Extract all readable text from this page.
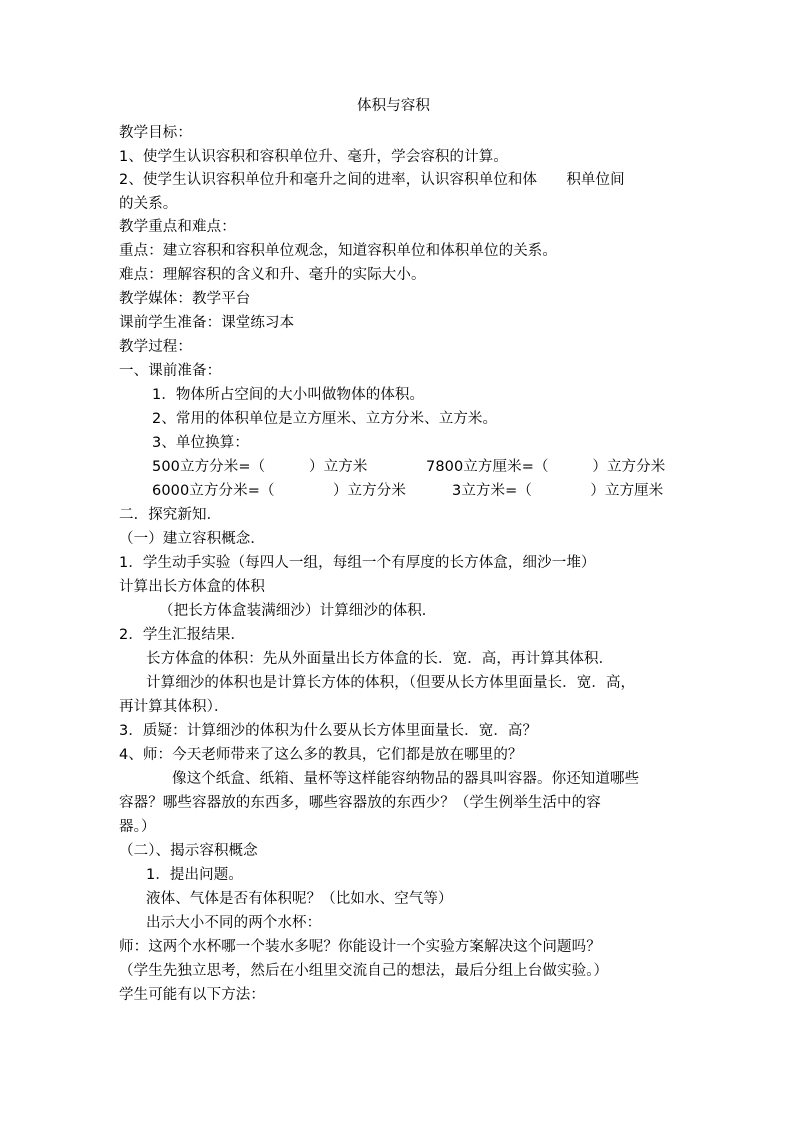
体积与容积
教学目标：
1、使学生认识容积和容积单位升、毫升，学会容积的计算。
2、使学生认识容积单位升和毫升之间的进率，认识容积单位和体　　积单位间
的关系。
教学重点和难点：
重点：建立容积和容积单位观念，知道容积单位和体积单位的关系。
难点：理解容积的含义和升、毫升的实际大小。
教学媒体：教学平台
课前学生准备：课堂练习本
教学过程：
一、课前准备：
1．物体所占空间的大小叫做物体的体积。
2、常用的体积单位是立方厘米、立方分米、立方米。
3、单位换算：
500立方分米=（　　　）立方米	7800立方厘米=（　　　）立方分米
6000立方分米=（　　　　）立方分米	3立方米=（　　　　）立方厘米
二．探究新知．
（一）建立容积概念．
1．学生动手实验（每四人一组，每组一个有厚度的长方体盒，细沙一堆）
计算出长方体盒的体积
（把长方体盒装满细沙）计算细沙的体积．
2．学生汇报结果．
长方体盒的体积：先从外面量出长方体盒的长．宽．高，再计算其体积．
计算细沙的体积也是计算长方体的体积，（但要从长方体里面量长．宽．高，
再计算其体积）．
3．质疑：计算细沙的体积为什么要从长方体里面量长．宽．高？
4、师：今天老师带来了这么多的教具，它们都是放在哪里的？
像这个纸盒、纸箱、量杯等这样能容纳物品的器具叫容器。你还知道哪些
容器？哪些容器放的东西多，哪些容器放的东西少？（学生例举生活中的容
器。）
（二）、揭示容积概念
1．提出问题。
液体、气体是否有体积呢？（比如水、空气等）
出示大小不同的两个水杯：
师：这两个水杯哪一个装水多呢？你能设计一个实验方案解决这个问题吗？
（学生先独立思考，然后在小组里交流自己的想法，最后分组上台做实验。）
学生可能有以下方法：
